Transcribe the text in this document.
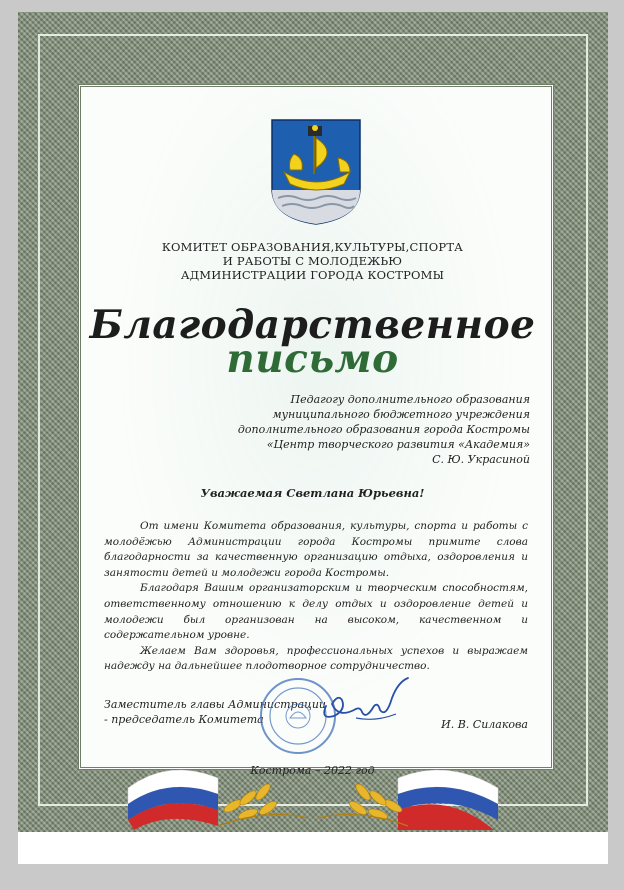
КОМИТЕТ ОБРАЗОВАНИЯ,КУЛЬТУРЫ,СПОРТА
И РАБОТЫ С МОЛОДЕЖЬЮ
АДМИНИСТРАЦИИ ГОРОДА КОСТРОМЫ
Благодарственное
письмо
Педагогу дополнительного образования
муниципального бюджетного учреждения
дополнительного образования города Костромы
«Центр творческого развития «Академия»
С. Ю. Украсиной
Уважаемая Светлана Юрьевна!

От имени Комитета образования, культуры, спорта и работы с молодёжью Администрации города Костромы примите слова благодарности за качественную организацию отдыха, оздоровления и занятости детей и молодежи города Костромы.

Благодаря Вашим организаторским и творческим способностям, ответственному отношению к делу отдых и оздоровление детей и молодежи был организован на высоком, качественном и содержательном уровне.

Желаем Вам здоровья, профессиональных успехов и выражаем надежду на дальнейшее плодотворное сотрудничество.

Заместитель главы Администрации
- председатель Комитета	И. В. Силакова
Кострома – 2022 год
